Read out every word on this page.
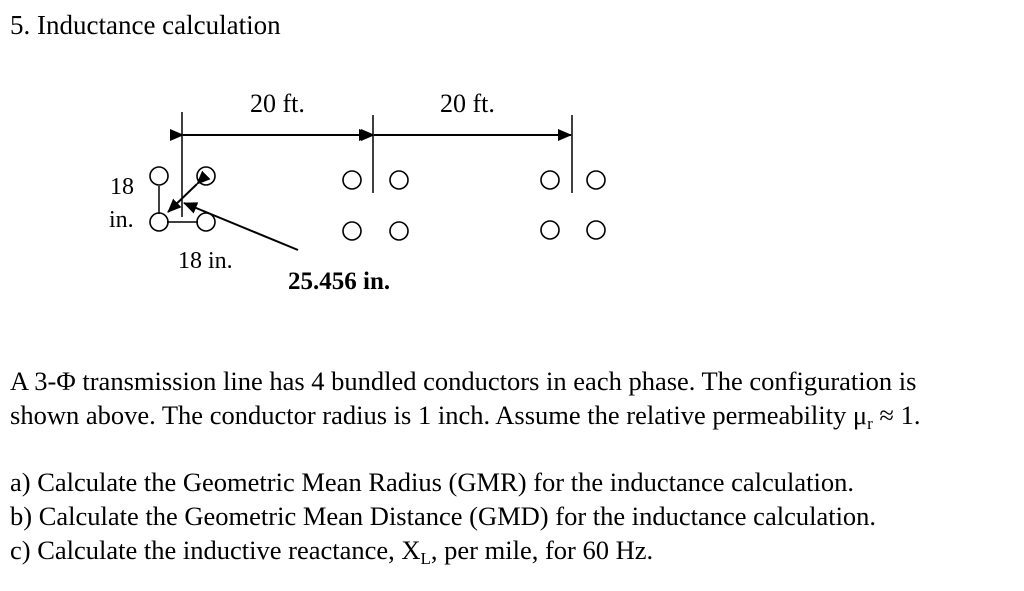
5. Inductance calculation
20 ft.	20 ft.
18
in.
18 in.
25.456 in.
A 3-Φ transmission line has 4 bundled conductors in each phase. The configuration is
shown above. The conductor radius is 1 inch. Assume the relative permeability $\mu_r \approx 1$.
a) Calculate the Geometric Mean Radius (GMR) for the inductance calculation.
b) Calculate the Geometric Mean Distance (GMD) for the inductance calculation.
c) Calculate the inductive reactance, $X_L$, per mile, for 60 Hz.
